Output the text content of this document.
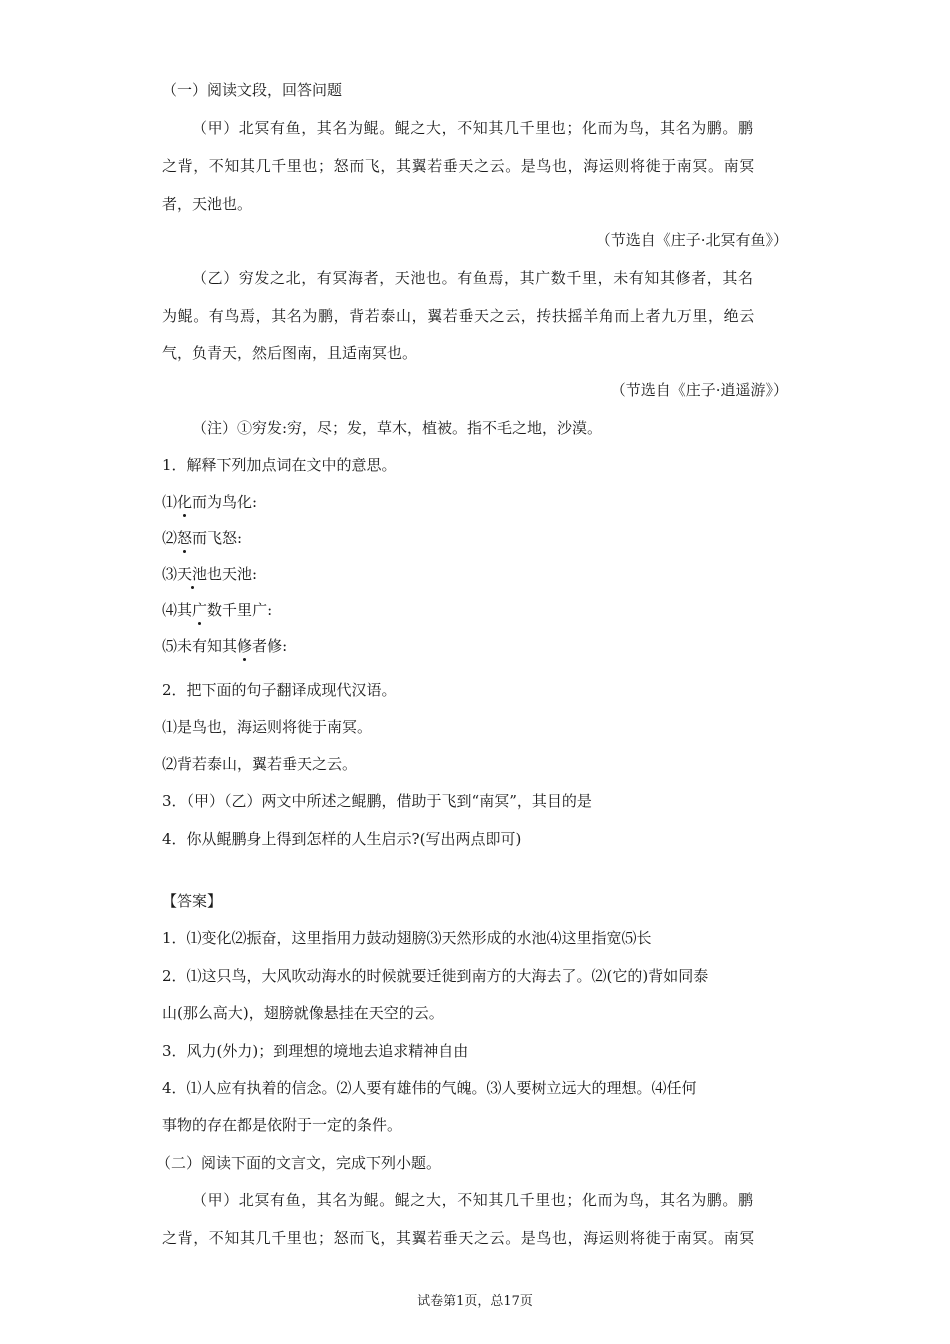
（一）阅读文段，回答问题
（甲）北冥有鱼，其名为鲲。鲲之大，不知其几千里也；化而为鸟，其名为鹏。鹏
之背，不知其几千里也；怒而飞，其翼若垂天之云。是鸟也，海运则将徙于南冥。南冥
者，天池也。
（节选自《庄子·北冥有鱼》）
（乙）穷发之北，有冥海者，天池也。有鱼焉，其广数千里，未有知其修者，其名
为鲲。有鸟焉，其名为鹏，背若泰山，翼若垂天之云，抟扶摇羊角而上者九万里，绝云
气，负青天，然后图南，且适南冥也。
（节选自《庄子·逍遥游》）
（注）①穷发:穷，尽；发，草木，植被。指不毛之地，沙漠。
1．解释下列加点词在文中的意思。
⑴化而为鸟化:
⑵怒而飞怒:
⑶天池也天池:
⑷其广数千里广:
⑸未有知其修者修:
2．把下面的句子翻译成现代汉语。
⑴是鸟也，海运则将徙于南冥。
⑵背若泰山，翼若垂天之云。
3．（甲）（乙）两文中所述之鲲鹏，借助于飞到“南冥”，其目的是
4．你从鲲鹏身上得到怎样的人生启示?(写出两点即可)
【答案】
1．⑴变化⑵振奋，这里指用力鼓动翅膀⑶天然形成的水池⑷这里指宽⑸长
2．⑴这只鸟，大风吹动海水的时候就要迁徙到南方的大海去了。⑵(它的)背如同泰
山(那么高大)，翅膀就像悬挂在天空的云。
3．风力(外力)；到理想的境地去追求精神自由
4．⑴人应有执着的信念。⑵人要有雄伟的气魄。⑶人要树立远大的理想。⑷任何
事物的存在都是依附于一定的条件。
（二）阅读下面的文言文，完成下列小题。
（甲）北冥有鱼，其名为鲲。鲲之大，不知其几千里也；化而为鸟，其名为鹏。鹏
之背，不知其几千里也；怒而飞，其翼若垂天之云。是鸟也，海运则将徙于南冥。南冥
试卷第1页，总17页
